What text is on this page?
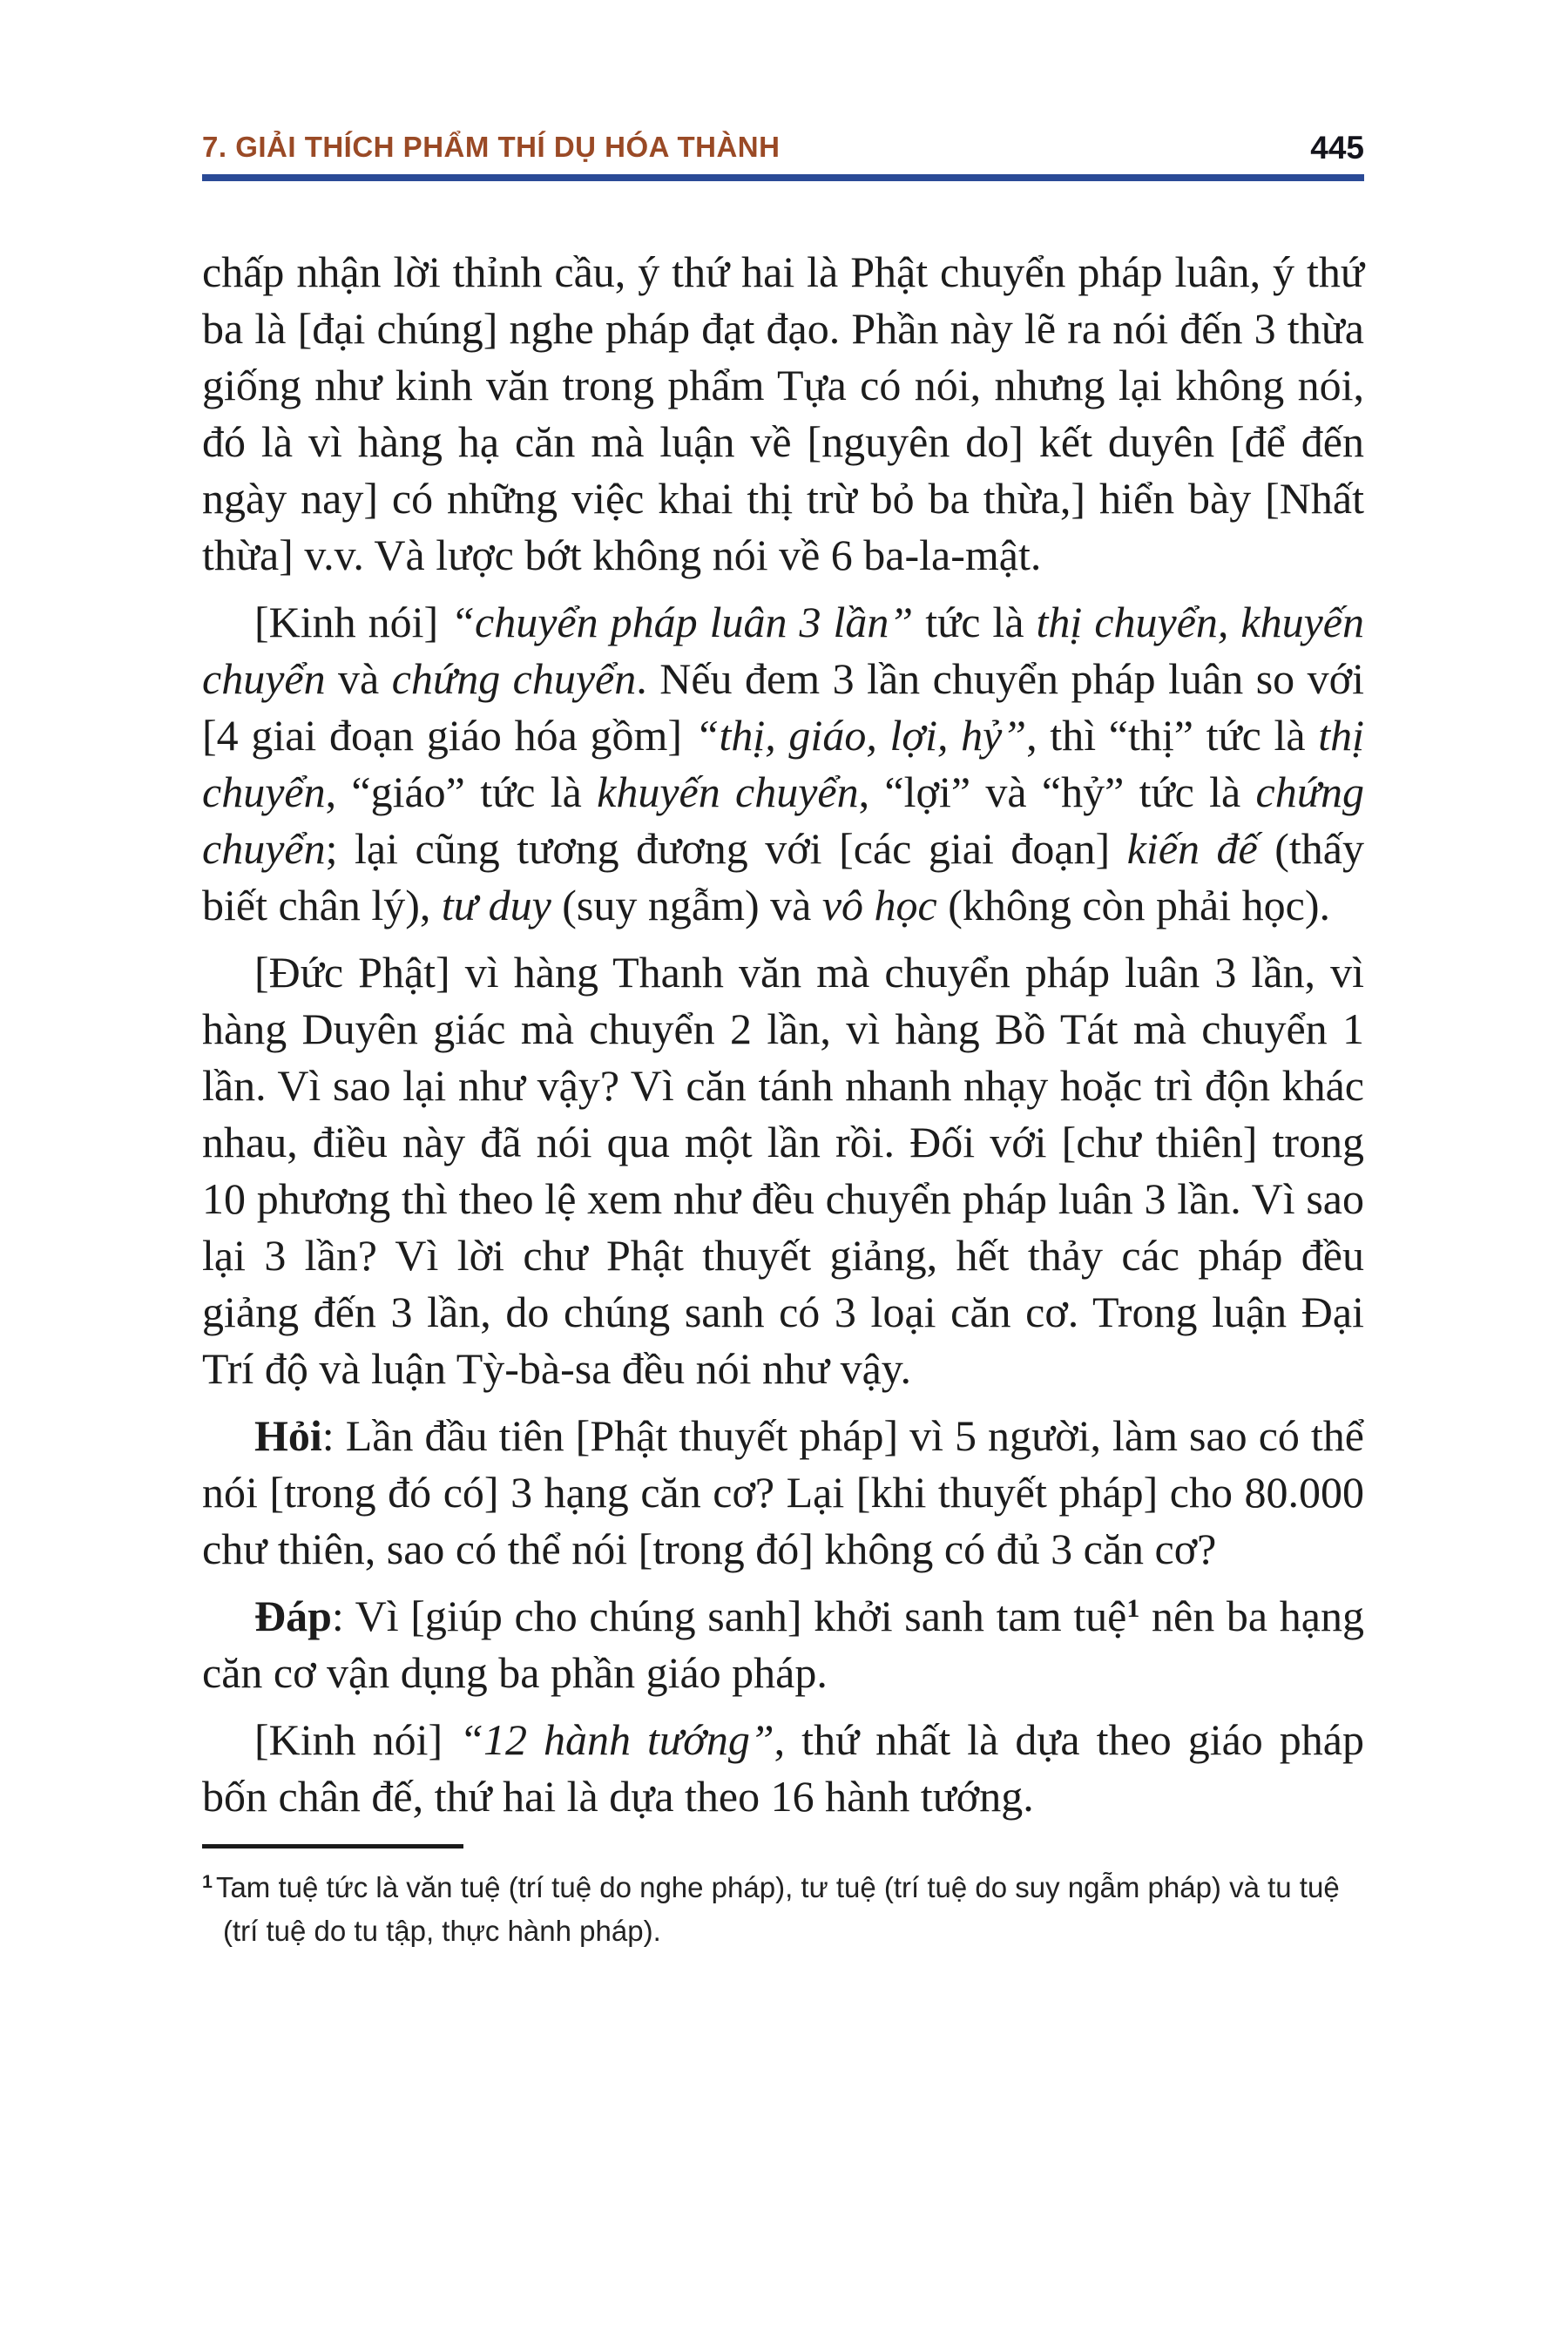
7. GIẢI THÍCH PHẨM THÍ DỤ HÓA THÀNH	445

chấp nhận lời thỉnh cầu, ý thứ hai là Phật chuyển pháp luân, ý thứ ba là [đại chúng] nghe pháp đạt đạo. Phần này lẽ ra nói đến 3 thừa giống như kinh văn trong phẩm Tựa có nói, nhưng lại không nói, đó là vì hàng hạ căn mà luận về [nguyên do] kết duyên [để đến ngày nay] có những việc khai thị trừ bỏ ba thừa,] hiển bày [Nhất thừa] v.v. Và lược bớt không nói về 6 ba-la-mật.

[Kinh nói] “chuyển pháp luân 3 lần” tức là thị chuyển, khuyến chuyển và chứng chuyển. Nếu đem 3 lần chuyển pháp luân so với [4 giai đoạn giáo hóa gồm] “thị, giáo, lợi, hỷ”, thì “thị” tức là thị chuyển, “giáo” tức là khuyến chuyển, “lợi” và “hỷ” tức là chứng chuyển; lại cũng tương đương với [các giai đoạn] kiến đế (thấy biết chân lý), tư duy (suy ngẫm) và vô học (không còn phải học).

[Đức Phật] vì hàng Thanh văn mà chuyển pháp luân 3 lần, vì hàng Duyên giác mà chuyển 2 lần, vì hàng Bồ Tát mà chuyển 1 lần. Vì sao lại như vậy? Vì căn tánh nhanh nhạy hoặc trì độn khác nhau, điều này đã nói qua một lần rồi. Đối với [chư thiên] trong 10 phương thì theo lệ xem như đều chuyển pháp luân 3 lần. Vì sao lại 3 lần? Vì lời chư Phật thuyết giảng, hết thảy các pháp đều giảng đến 3 lần, do chúng sanh có 3 loại căn cơ. Trong luận Đại Trí độ và luận Tỳ-bà-sa đều nói như vậy.

Hỏi: Lần đầu tiên [Phật thuyết pháp] vì 5 người, làm sao có thể nói [trong đó có] 3 hạng căn cơ? Lại [khi thuyết pháp] cho 80.000 chư thiên, sao có thể nói [trong đó] không có đủ 3 căn cơ?

Đáp: Vì [giúp cho chúng sanh] khởi sanh tam tuệ$^1$ nên ba hạng căn cơ vận dụng ba phần giáo pháp.

[Kinh nói] “12 hành tướng”, thứ nhất là dựa theo giáo pháp bốn chân đế, thứ hai là dựa theo 16 hành tướng.

$^1$ Tam tuệ tức là văn tuệ (trí tuệ do nghe pháp), tư tuệ (trí tuệ do suy ngẫm pháp) và tu tuệ (trí tuệ do tu tập, thực hành pháp).
